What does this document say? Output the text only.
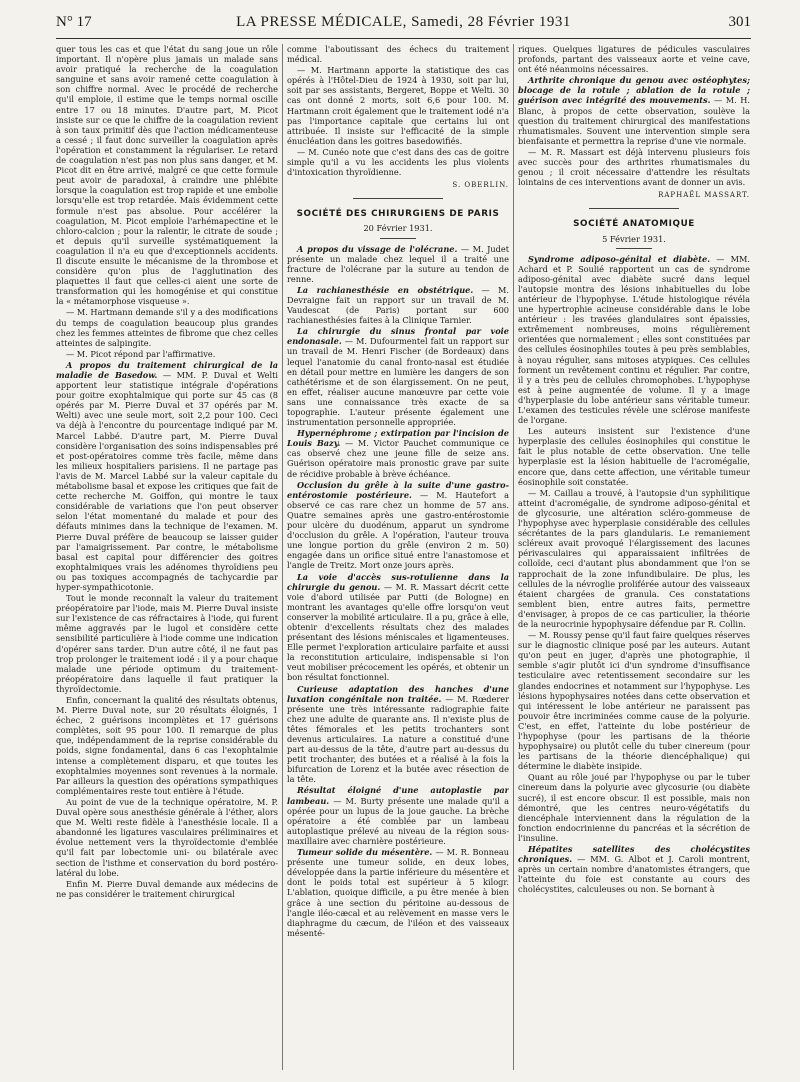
N° 17	LA PRESSE MÉDICALE, Samedi, 28 Février 1931	301

quer tous les cas et que l'état du sang joue un rôle important. Il n'opère plus jamais un malade sans avoir pratiqué la recherche de la coagulation sanguine et sans avoir ramené cette coagulation à son chiffre normal. Avec le procédé de recherche qu'il emploie, il estime que le temps normal oscille entre 17 ou 18 minutes. D'autre part, M. Picot insiste sur ce que le chiffre de la coagulation revient à son taux primitif dès que l'action médicamenteuse a cessé ; il faut donc surveiller la coagulation après l'opération et constamment la régulariser. Le retard de coagulation n'est pas non plus sans danger, et M. Picot dit en être arrivé, malgré ce que cette formule peut avoir de paradoxal, à craindre une phlébite lorsque la coagulation est trop rapide et une embolie lorsqu'elle est trop retardée. Mais évidemment cette formule n'est pas absolue. Pour accélérer la coagulation, M. Picot emploie l'arhémapectine et le chloro-calcion ; pour la ralentir, le citrate de soude ; et depuis qu'il surveille systématiquement la coagulation il n'a eu que d'exceptionnels accidents. Il discute ensuite le mécanisme de la thrombose et considère qu'on plus de l'agglutination des plaquettes il faut que celles-ci aient une sorte de transformation qui les homogénise et qui constitue la « métamorphose visqueuse ».

— M. Hartmann demande s'il y a des modifications du temps de coagulation beaucoup plus grandes chez les femmes atteintes de fibrome que chez celles atteintes de salpingite.

— M. Picot répond par l'affirmative.

A propos du traitement chirurgical de la maladie de Basedow. — MM. P. Duval et Welti apportent leur statistique intégrale d'opérations pour goitre exophtalmique qui porte sur 45 cas (8 opérés par M. Pierre Duval et 37 opérés par M. Welti) avec une seule mort, soit 2,2 pour 100. Ceci va déjà à l'encontre du pourcentage indiqué par M. Marcel Labbé. D'autre part, M. Pierre Duval considère l'organisation des soins indispensables pré et post-opératoires comme très facile, même dans les milieux hospitaliers parisiens. Il ne partage pas l'avis de M. Marcel Labbé sur la valeur capitale du métabolisme basal et expose les critiques que fait de cette recherche M. Goiffon, qui montre le taux considérable de variations que l'on peut observer selon l'état momentané du malade et pour des défauts minimes dans la technique de l'examen. M. Pierre Duval préfère de beaucoup se laisser guider par l'amaigrissement. Par contre, le métabolisme basal est capital pour différencier des goitres exophtalmiques vrais les adénomes thyroïdiens peu ou pas toxiques accompagnés de tachycardie par hyper-sympathicotonie.

Tout le monde reconnaît la valeur du traitement préopératoire par l'iode, mais M. Pierre Duval insiste sur l'existence de cas réfractaires à l'iode, qui furent même aggravés par le lugol et considère cette sensibilité particulière à l'iode comme une indication d'opérer sans tarder. D'un autre côté, il ne faut pas trop prolonger le traitement iodé : il y a pour chaque malade une période optimum du traitement- préopératoire dans laquelle il faut pratiquer la thyroïdectomie.

Enfin, concernant la qualité des résultats obtenus, M. Pierre Duval note, sur 20 résultats éloignés, 1 échec, 2 guérisons incomplètes et 17 guérisons complètes, soit 95 pour 100. Il remarque de plus que, indépendamment de la reprise considérable du poids, signe fondamental, dans 6 cas l'exophtalmie intense a complètement disparu, et que toutes les exophtalmies moyennes sont revenues à la normale. Par ailleurs la question des opérations sympathiques complémentaires reste tout entière à l'étude.

Au point de vue de la technique opératoire, M. P. Duval opère sous anesthésie générale à l'éther, alors que M. Welti reste fidèle à l'anesthésie locale. Il a abandonné les ligatures vasculaires préliminaires et évolue nettement vers la thyroïdectomie d'emblée qu'il fait par lobectomie uni- ou bilatérale avec section de l'isthme et conservation du bord postéro-latéral du lobe.

Enfin M. Pierre Duval demande aux médecins de ne pas considérer le traitement chirurgical

comme l'aboutissant des échecs du traitement médical.

— M. Hartmann apporte la statistique des cas opérés à l'Hôtel-Dieu de 1924 à 1930, soit par lui, soit par ses assistants, Bergeret, Boppe et Welti. 30 cas ont donné 2 morts, soit 6,6 pour 100. M. Hartmann croit également que le traitement iodé n'a pas l'importance capitale que certains lui ont attribuée. Il insiste sur l'efficacité de la simple énucléation dans les goitres basedowifiés.

— M. Cunéo note que c'est dans des cas de goitre simple qu'il a vu les accidents les plus violents d'intoxication thyroïdienne.

S. OBERLIN.

SOCIÉTÉ DES CHIRURGIENS DE PARIS
20 Février 1931.

A propos du vissage de l'olécrane. — M. Judet présente un malade chez lequel il a traité une fracture de l'olécrane par la suture au tendon de renne.

La rachianesthésie en obstétrique. — M. Devraigne fait un rapport sur un travail de M. Vaudescat (de Paris) portant sur 600 rachianesthésies faites à la Clinique Tarnier.

La chirurgie du sinus frontal par voie endonasale. — M. Dufourmentel fait un rapport sur un travail de M. Henri Fischer (de Bordeaux) dans lequel l'anatomie du canal fronto-nasal est étudiée en détail pour mettre en lumière les dangers de son cathétérisme et de son élargissement. On ne peut, en effet, réaliser aucune manœuvre par cette voie sans une connaissance très exacte de sa topographie. L'auteur présente également une instrumentation personnelle appropriée.

Hypernéphrome ; extirpation par l'incision de Louis Bazy. — M. Victor Pauchet communique ce cas observé chez une jeune fille de seize ans. Guérison opératoire mais pronostic grave par suite de récidive probable à brève échéance.

Occlusion du grêle à la suite d'une gastro-entérostomie postérieure. — M. Hautefort a observé ce cas rare chez un homme de 57 ans. Quatre semaines après une gastro-entérostomie pour ulcère du duodénum, apparut un syndrome d'occlusion du grêle. A l'opération, l'auteur trouva une longue portion du grêle (environ 2 m. 50) engagée dans un orifice situé entre l'anastomose et l'angle de Treitz. Mort onze jours après.

La voie d'accès sus-rotulienne dans la chirurgie du genou. — M. R. Massart décrit cette voie d'abord utilisée par Putti (de Bologne) en montrant les avantages qu'elle offre lorsqu'on veut conserver la mobilité articulaire. Il a pu, grâce à elle, obtenir d'excellents résultats chez des malades présentant des lésions méniscales et ligamenteuses. Elle permet l'exploration articulaire parfaite et aussi la reconstitution articulaire, indispensable si l'on veut mobiliser précocement les opérés, et obtenir un bon résultat fonctionnel.

Curieuse adaptation des hanches d'une luxation congénitale non traitée. — M. Rœderer présente une très intéressante radiographie faite chez une adulte de quarante ans. Il n'existe plus de têtes fémorales et les petits trochanters sont devenus articulaires. La nature a constitué d'une part au-dessus de la tête, d'autre part au-dessus du petit trochanter, des butées et a réalisé à la fois la bifurcation de Lorenz et la butée avec résection de la tête.

Résultat éloigné d'une autoplastie par lambeau. — M. Burty présente une malade qu'il a opérée pour un lupus de la joue gauche. La brèche opératoire a été comblée par un lambeau autoplastique prélevé au niveau de la région sous-maxillaire avec charnière postérieure.

Tumeur solide du mésentère. — M. R. Bonneau présente une tumeur solide, en deux lobes, développée dans la partie inférieure du mésentère et dont le poids total est supérieur à 5 kilogr. L'ablation, quoique difficile, a pu être menée à bien grâce à une section du péritoine au-dessous de l'angle iléo-cæcal et au relèvement en masse vers le diaphragme du cæcum, de l'iléon et des vaisseaux mésenté-

riques. Quelques ligatures de pédicules vasculaires profonds, partant des vaisseaux aorte et veine cave, ont été néanmoins nécessaires.

Arthrite chronique du genou avec ostéophytes; blocage de la rotule ; ablation de la rotule ; guérison avec intégrité des mouvements. — M. H. Blanc, à propos de cette observation, soulève la question du traitement chirurgical des manifestations rhumatismales. Souvent une intervention simple sera bienfaisante et permettra la reprise d'une vie normale.

— M. R. Massart est déjà intervenu plusieurs fois avec succès pour des arthrites rhumatismales du genou ; il croit nécessaire d'attendre les résultats lointains de ces interventions avant de donner un avis.

RAPHAËL MASSART.

SOCIÉTÉ ANATOMIQUE
5 Février 1931.

Syndrome adiposo-génital et diabète. — MM. Achard et P. Soulié rapportent un cas de syndrome adiposo-génital avec diabète sucré dans lequel l'autopsie montra des lésions inhabituelles du lobe antérieur de l'hypophyse. L'étude histologique révéla une hypertrophie acineuse considérable dans le lobe antérieur : les travées glandulaires sont épaissies, extrêmement nombreuses, moins régulièrement orientées que normalement ; elles sont constituées par des cellules éosinophiles toutes à peu près semblables, à noyau régulier, sans mitoses atypiques. Ces cellules forment un revêtement continu et régulier. Par contre, il y a très peu de cellules chromophobes. L'hypophyse est à peine augmentée de volume. Il y a image d'hyperplasie du lobe antérieur sans véritable tumeur. L'examen des testicules révèle une sclérose manifeste de l'organe.

Les auteurs insistent sur l'existence d'une hyperplasie des cellules éosinophiles qui constitue le fait le plus notable de cette observation. Une telle hyperplasie est la lésion habituelle de l'acromégalie, encore que, dans cette affection, une véritable tumeur éosinophile soit constatée.

— M. Caillau a trouvé, à l'autopsie d'un syphilitique atteint d'acromégalie, de syndrome adiposo-génital et de glycosurie, une altération scléro-gommeuse de l'hypophyse avec hyperplasie considérable des cellules sécrétantes de la pars glandularis. Le remaniement scléreux avait provoqué l'élargissement des lacunes périvasculaires qui apparaissaient infiltrées de colloïde, ceci d'autant plus abondamment que l'on se rapprochait de la zone infundibulaire. De plus, les cellules de la névroglie proliférée autour des vaisseaux étaient chargées de granula. Ces constatations semblent bien, entre autres faits, permettre d'envisager, à propos de ce cas particulier, la théorie de la neurocrinie hypophysaire défendue par R. Collin.

— M. Roussy pense qu'il faut faire quelques réserves sur le diagnostic clinique posé par les auteurs. Autant qu'on peut en juger, d'après une photographie, il semble s'agir plutôt ici d'un syndrome d'insuffisance testiculaire avec retentissement secondaire sur les glandes endocrines et notamment sur l'hypophyse. Les lésions hypophysaires notées dans cette observation et qui intéressent le lobe antérieur ne paraissent pas pouvoir être incriminées comme cause de la polyurie. C'est, en effet, l'atteinte du lobe postérieur de l'hypophyse (pour les partisans de la théorie hypophysaire) ou plutôt celle du tuber cinereum (pour les partisans de la théorie diencéphalique) qui détermine le diabète insipide.

Quant au rôle joué par l'hypophyse ou par le tuber cinereum dans la polyurie avec glycosurie (ou diabète sucré), il est encore obscur. Il est possible, mais non démontré, que les centres neuro-végétatifs du diencéphale interviennent dans la régulation de la fonction endocrinienne du pancréas et la sécrétion de l'insuline.

Hépatites satellites des cholécystites chroniques. — MM. G. Albot et J. Caroli montrent, après un certain nombre d'anatomistes étrangers, que l'atteinte du foie est constante au cours des cholécystites, calculeuses ou non. Se bornant à
